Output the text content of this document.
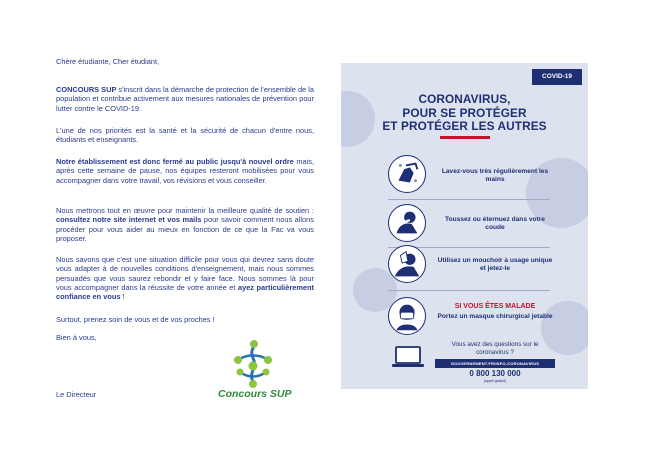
Chère étudiante, Cher étudiant,

CONCOURS SUP s'inscrit dans la démarche de protection de l'ensemble de la population et contribue activement aux mesures nationales de prévention pour lutter contre le COVID-19.

L'une de nos priorités est la santé et la sécurité de chacun d'entre nous, étudiants et enseignants.

Notre établissement est donc fermé au public jusqu'à nouvel ordre mais, après cette semaine de pause, nos équipes resteront mobilisées pour vous accompagner dans votre travail, vos révisions et vous conseiller.

Nous mettrons tout en œuvre pour maintenir la meilleure qualité de soutien : consultez notre site internet et vos mails pour savoir comment nous allons procéder pour vous aider au mieux en fonction de ce que la Fac va vous proposer.

Nous savons que c'est une situation difficile pour vous qui devrez sans doute vous adapter à de nouvelles conditions d'enseignement, mais nous sommes persuadés que vous saurez rebondir et y faire face. Nous sommes là pour vous accompagner dans la réussite de votre année et ayez particulièrement confiance en vous !

Surtout, prenez soin de vous et de vos proches !

Bien à vous,

Le Directeur	Concours SUP
COVID-19
CORONAVIRUS,
POUR SE PROTÉGER
ET PROTÉGER LES AUTRES
Lavez-vous très régulièrement les mains
Toussez ou éternuez dans votre coude
Utilisez un mouchoir à usage unique et jetez-le
SI VOUS ÊTES MALADE
Portez un masque chirurgical jetable
Vous avez des questions sur le coronavirus ?
GOUVERNEMENT.FR/INFO-CORONAVIRUS
0 800 130 000
(appel gratuit)
